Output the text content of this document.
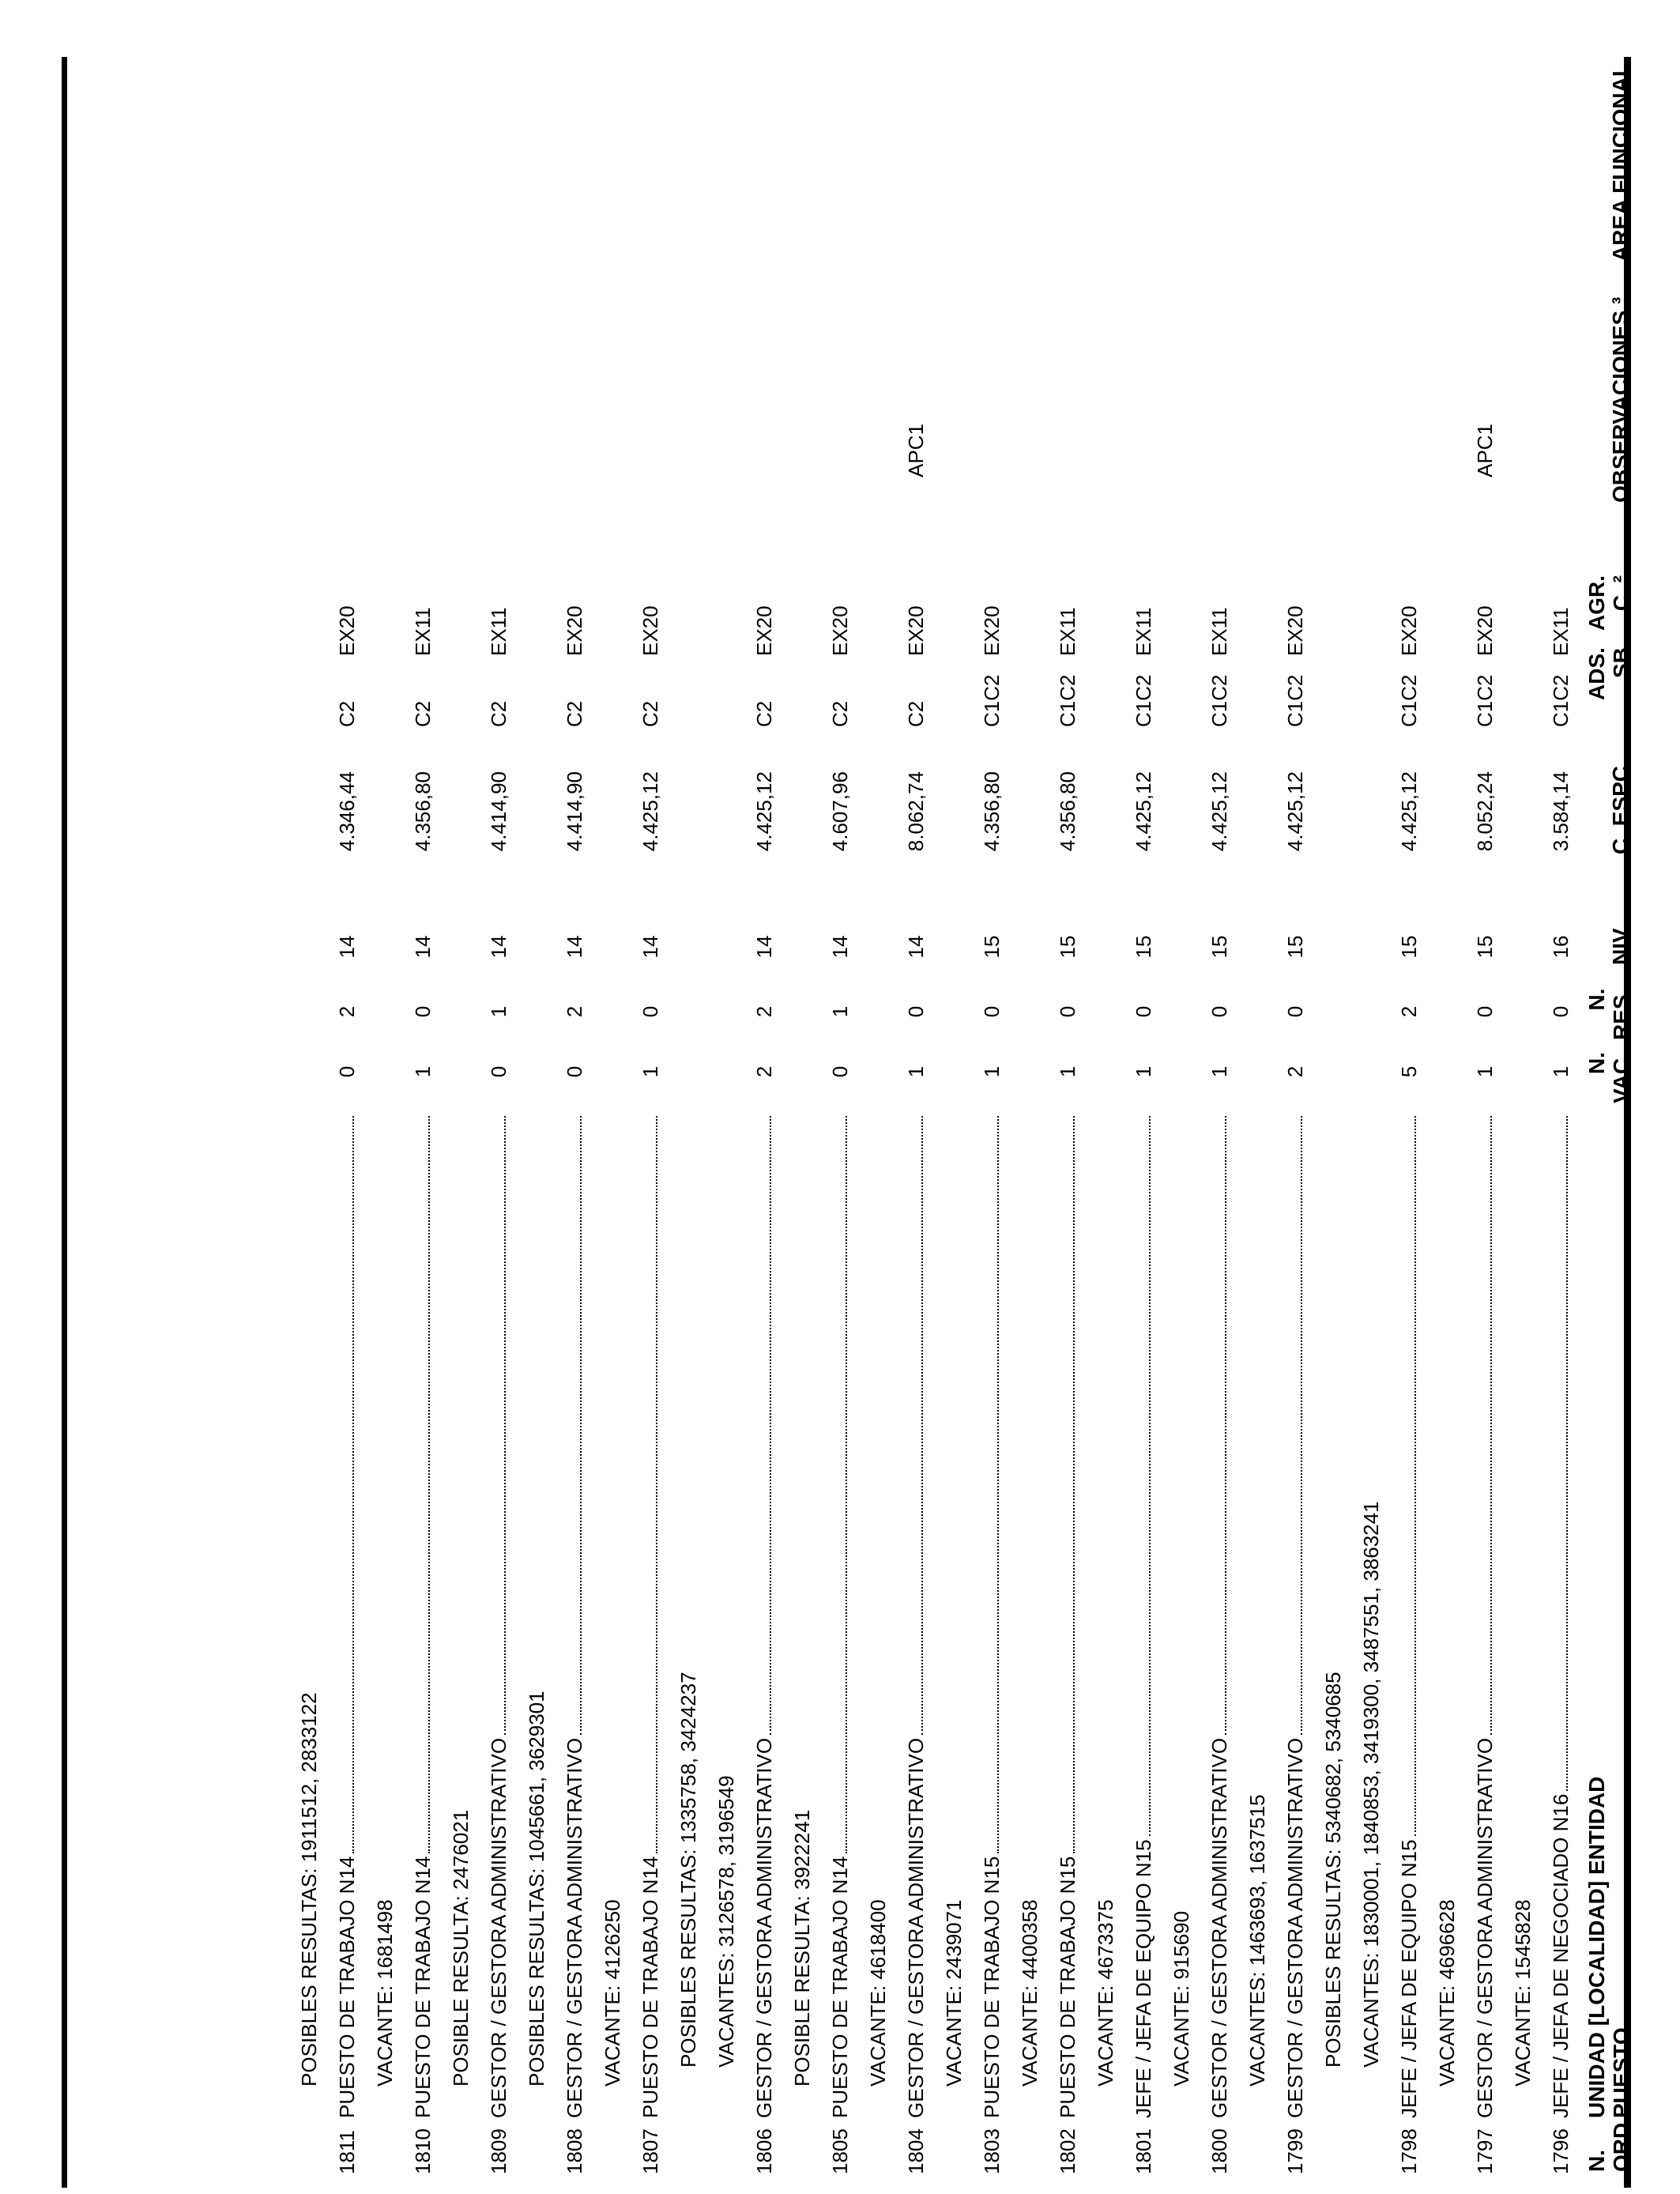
N. ORD.
UNIDAD [LOCALIDAD] ENTIDAD PUESTO
N. VAC.
N. RES.
NIV
C. ESPC.
ADS. SB
AGR. C. ²
OBSERVACIONES ³
AREA FUNCIONAL
1796
JEFE / JEFA DE NEGOCIADO N16
1
0
16
3.584,14
C1C2
EX11
VACANTE: 1545828
1797
GESTOR / GESTORA ADMINISTRATIVO
1
0
15
8.052,24
C1C2
EX20
APC1
VACANTE: 4696628
1798
JEFE / JEFA DE EQUIPO N15
5
2
15
4.425,12
C1C2
EX20
VACANTES: 1830001, 1840853, 3419300, 3487551, 3863241
POSIBLES RESULTAS: 5340682, 5340685
1799
GESTOR / GESTORA ADMINISTRATIVO
2
0
15
4.425,12
C1C2
EX20
VACANTES: 1463693, 1637515
1800
GESTOR / GESTORA ADMINISTRATIVO
1
0
15
4.425,12
C1C2
EX11
VACANTE: 915690
1801
JEFE / JEFA DE EQUIPO N15
1
0
15
4.425,12
C1C2
EX11
VACANTE: 4673375
1802
PUESTO DE TRABAJO N15
1
0
15
4.356,80
C1C2
EX11
VACANTE: 4400358
1803
PUESTO DE TRABAJO N15
1
0
15
4.356,80
C1C2
EX20
VACANTE: 2439071
1804
GESTOR / GESTORA ADMINISTRATIVO
1
0
14
8.062,74
C2
EX20
APC1
VACANTE: 4618400
1805
PUESTO DE TRABAJO N14
0
1
14
4.607,96
C2
EX20
POSIBLE RESULTA: 3922241
1806
GESTOR / GESTORA ADMINISTRATIVO
2
2
14
4.425,12
C2
EX20
VACANTES: 3126578, 3196549
POSIBLES RESULTAS: 1335758, 3424237
1807
PUESTO DE TRABAJO N14
1
0
14
4.425,12
C2
EX20
VACANTE: 4126250
1808
GESTOR / GESTORA ADMINISTRATIVO
0
2
14
4.414,90
C2
EX20
POSIBLES RESULTAS: 1045661, 3629301
1809
GESTOR / GESTORA ADMINISTRATIVO
0
1
14
4.414,90
C2
EX11
POSIBLE RESULTA: 2476021
1810
PUESTO DE TRABAJO N14
1
0
14
4.356,80
C2
EX11
VACANTE: 1681498
1811
PUESTO DE TRABAJO N14
0
2
14
4.346,44
C2
EX20
POSIBLES RESULTAS: 1911512, 2833122
